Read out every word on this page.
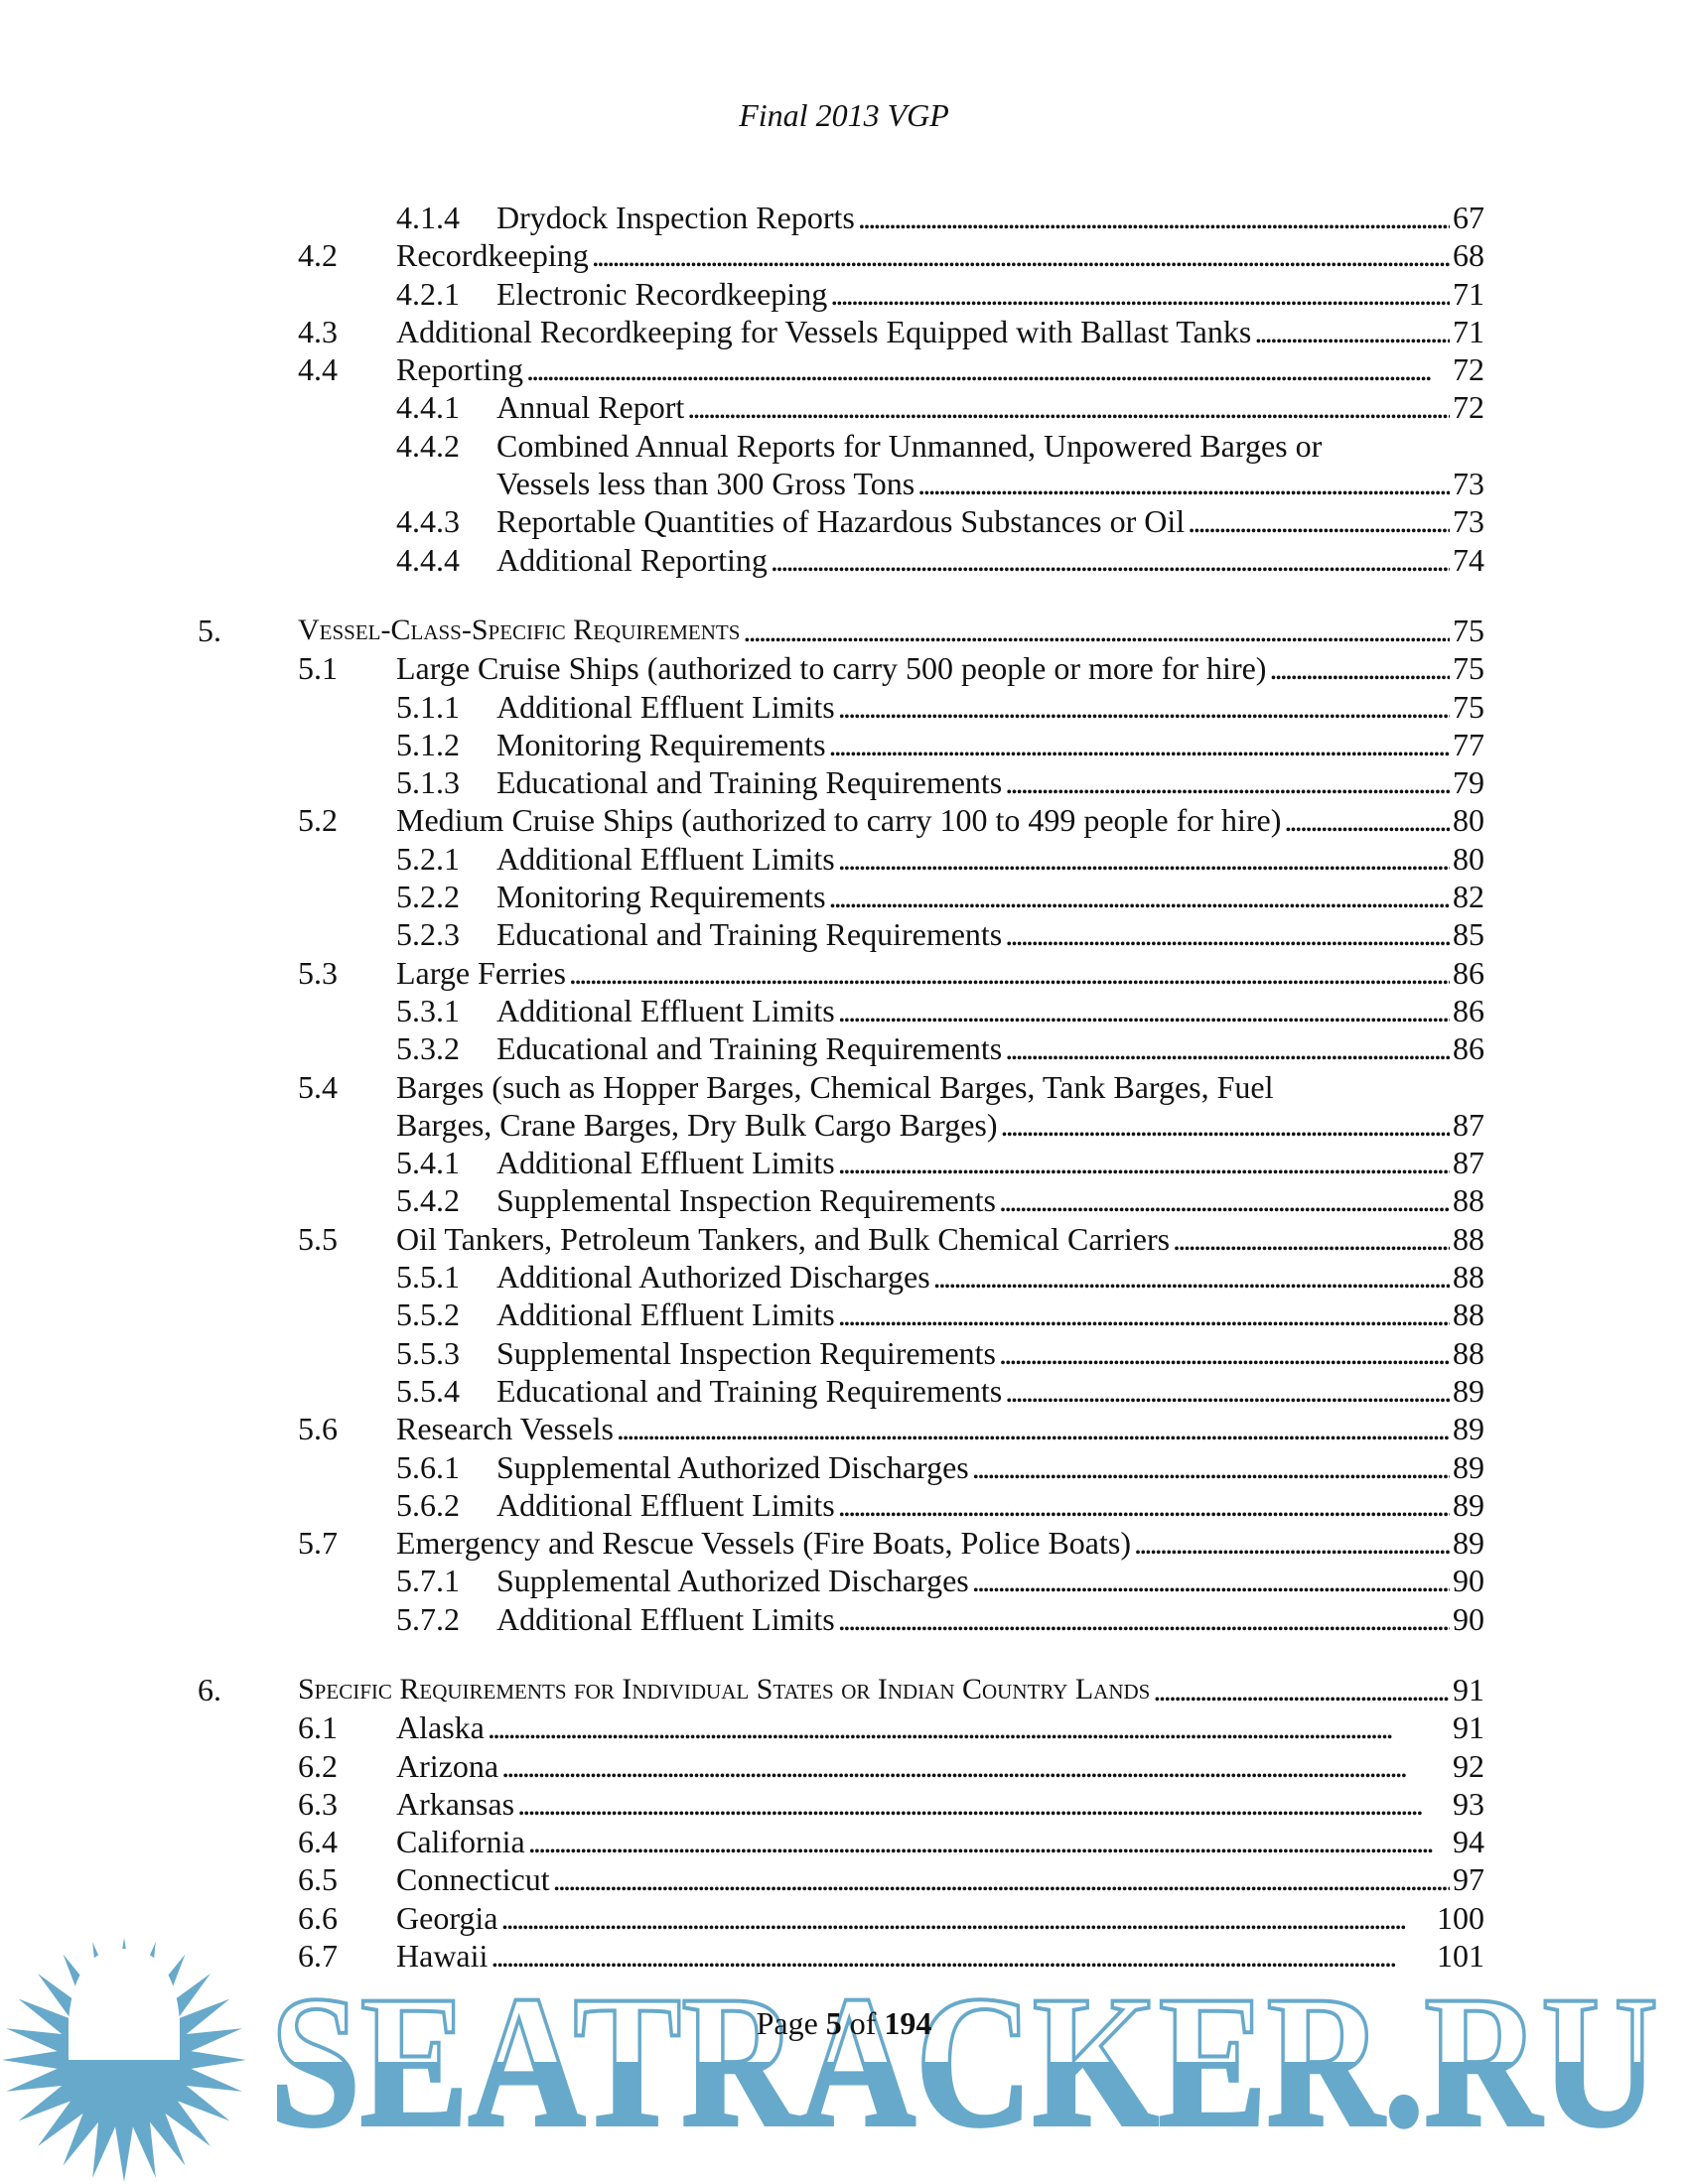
Final 2013 VGP
4.1.4 Drydock Inspection Reports . . .	67
4.2 Recordkeeping . . .	68
4.2.1 Electronic Recordkeeping . . .	71
4.3 Additional Recordkeeping for Vessels Equipped with Ballast Tanks . . .	71
4.4 Reporting . . .	72
4.4.1 Annual Report . . .	72
4.4.2 Combined Annual Reports for Unmanned, Unpowered Barges or
Vessels less than 300 Gross Tons . . .	73
4.4.3 Reportable Quantities of Hazardous Substances or Oil . . .	73
4.4.4 Additional Reporting . . .	74
5.	Vessel-Class-Specific Requirements . . .	75
5.1 Large Cruise Ships (authorized to carry 500 people or more for hire) . . .	75
5.1.1 Additional Effluent Limits . . .	75
5.1.2 Monitoring Requirements . . .	77
5.1.3 Educational and Training Requirements . . .	79
5.2 Medium Cruise Ships (authorized to carry 100 to 499 people for hire) . . .	80
5.2.1 Additional Effluent Limits . . .	80
5.2.2 Monitoring Requirements . . .	82
5.2.3 Educational and Training Requirements . . .	85
5.3 Large Ferries . . .	86
5.3.1 Additional Effluent Limits . . .	86
5.3.2 Educational and Training Requirements . . .	86
5.4 Barges (such as Hopper Barges, Chemical Barges, Tank Barges, Fuel
Barges, Crane Barges, Dry Bulk Cargo Barges) . . .	87
5.4.1 Additional Effluent Limits . . .	87
5.4.2 Supplemental Inspection Requirements . . .	88
5.5 Oil Tankers, Petroleum Tankers, and Bulk Chemical Carriers . . .	88
5.5.1 Additional Authorized Discharges . . .	88
5.5.2 Additional Effluent Limits . . .	88
5.5.3 Supplemental Inspection Requirements . . .	88
5.5.4 Educational and Training Requirements . . .	89
5.6 Research Vessels . . .	89
5.6.1 Supplemental Authorized Discharges . . .	89
5.6.2 Additional Effluent Limits . . .	89
5.7 Emergency and Rescue Vessels (Fire Boats, Police Boats) . . .	89
5.7.1 Supplemental Authorized Discharges . . .	90
5.7.2 Additional Effluent Limits . . .	90
6.	Specific Requirements for Individual States or Indian Country Lands . . .	91
6.1 Alaska . . .	91
6.2 Arizona . . .	92
6.3 Arkansas . . .	93
6.4 California . . .	94
6.5 Connecticut . . .	97
6.6 Georgia . . .	100
6.7 Hawaii . . .	101
SEATRACKER.RU
Page 5 of 194
